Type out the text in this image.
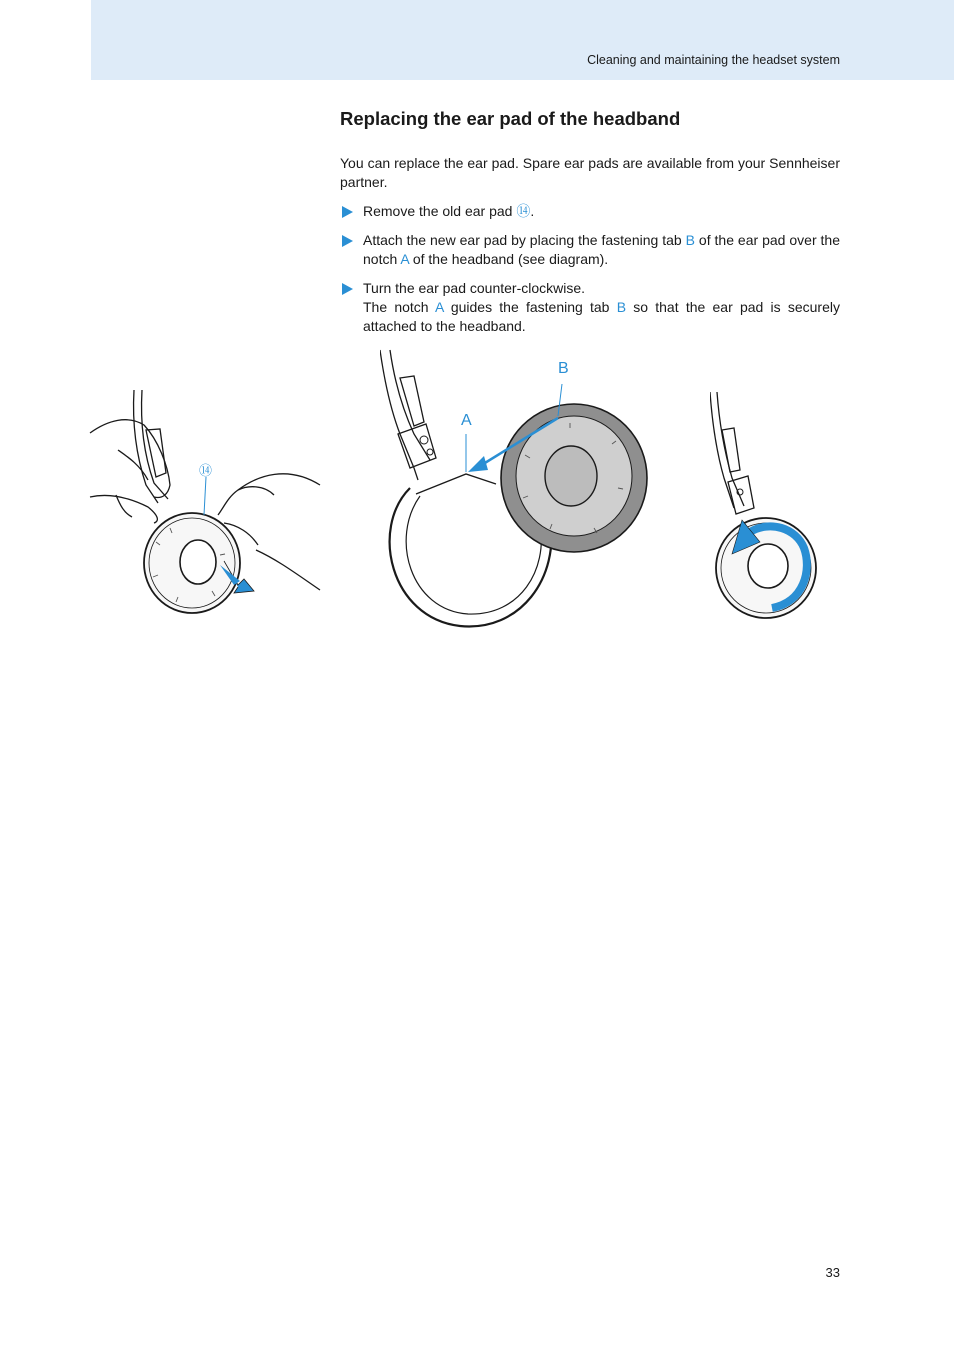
Cleaning and maintaining the headset system
Replacing the ear pad of the headband

You can replace the ear pad. Spare ear pads are available from your Sennheiser partner.

Remove the old ear pad ⑭.
Attach the new ear pad by placing the fastening tab B of the ear pad over the notch A of the headband (see diagram).
Turn the ear pad counter-clockwise.
The notch A guides the fastening tab B so that the ear pad is securely attached to the headband.
⑭
B
A
33
